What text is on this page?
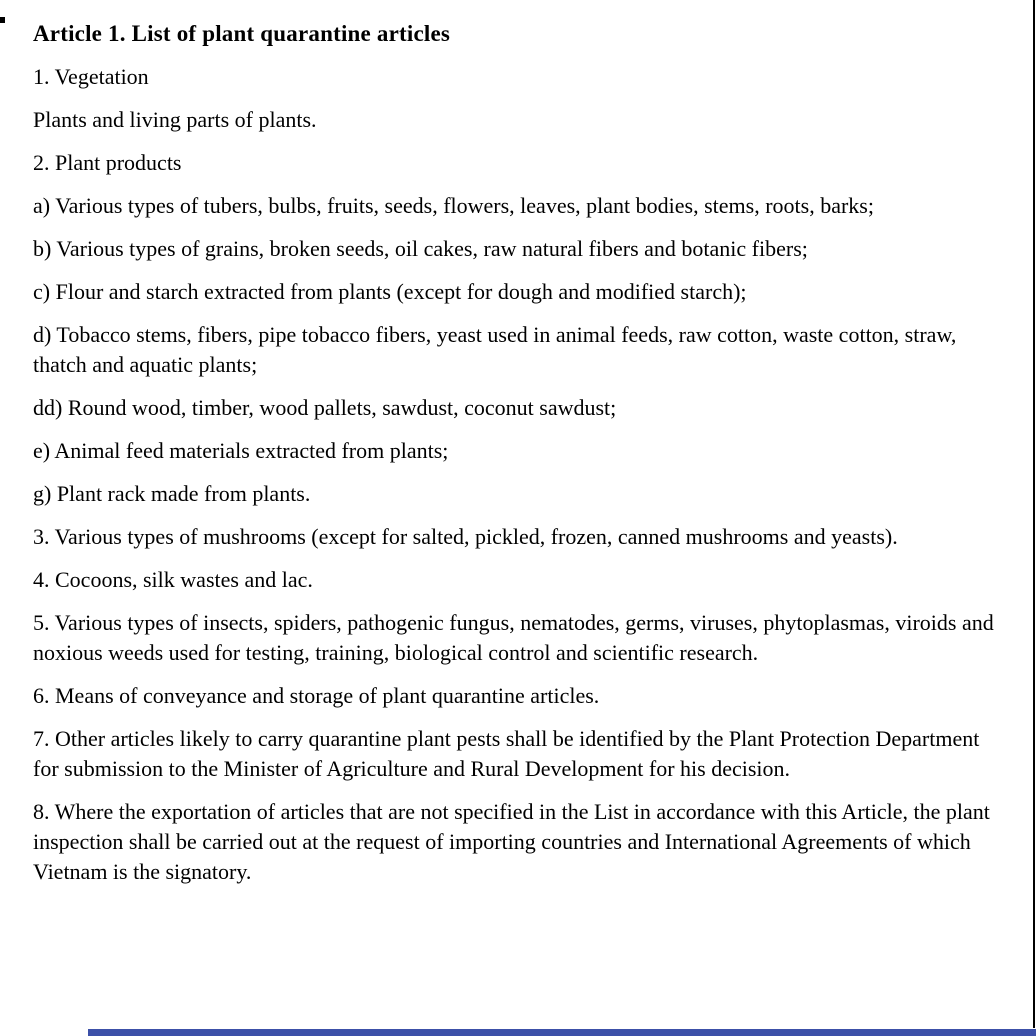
Article 1. List of plant quarantine articles

1. Vegetation

Plants and living parts of plants.

2. Plant products

a) Various types of tubers, bulbs, fruits, seeds, flowers, leaves, plant bodies, stems, roots, barks;

b) Various types of grains, broken seeds, oil cakes, raw natural fibers and botanic fibers;

c) Flour and starch extracted from plants (except for dough and modified starch);

d) Tobacco stems, fibers, pipe tobacco fibers, yeast used in animal feeds, raw cotton, waste cotton, straw, thatch and aquatic plants;

dd) Round wood, timber, wood pallets, sawdust, coconut sawdust;

e) Animal feed materials extracted from plants;

g) Plant rack made from plants.

3. Various types of mushrooms (except for salted, pickled, frozen, canned mushrooms and yeasts).

4. Cocoons, silk wastes and lac.

5. Various types of insects, spiders, pathogenic fungus, nematodes, germs, viruses, phytoplasmas, viroids and noxious weeds used for testing, training, biological control and scientific research.

6. Means of conveyance and storage of plant quarantine articles.

7. Other articles likely to carry quarantine plant pests shall be identified by the Plant Protection Department for submission to the Minister of Agriculture and Rural Development for his decision.

8. Where the exportation of articles that are not specified in the List in accordance with this Article, the plant inspection shall be carried out at the request of importing countries and International Agreements of which Vietnam is the signatory.
